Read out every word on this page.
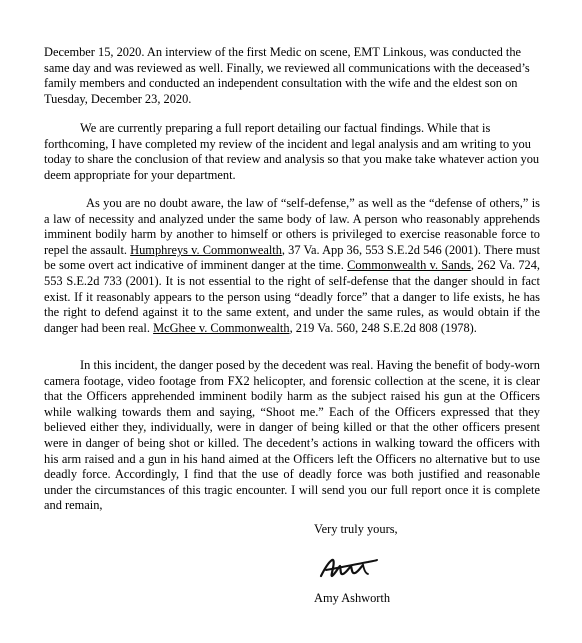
December 15, 2020. An interview of the first Medic on scene, EMT Linkous, was conducted the same day and was reviewed as well. Finally, we reviewed all communications with the deceased’s family members and conducted an independent consultation with the wife and the eldest son on Tuesday, December 23, 2020.

We are currently preparing a full report detailing our factual findings. While that is forthcoming, I have completed my review of the incident and legal analysis and am writing to you today to share the conclusion of that review and analysis so that you make take whatever action you deem appropriate for your department.

As you are no doubt aware, the law of “self-defense,” as well as the “defense of others,” is a law of necessity and analyzed under the same body of law. A person who reasonably apprehends imminent bodily harm by another to himself or others is privileged to exercise reasonable force to repel the assault. Humphreys v. Commonwealth, 37 Va. App 36, 553 S.E.2d 546 (2001). There must be some overt act indicative of imminent danger at the time. Commonwealth v. Sands, 262 Va. 724, 553 S.E.2d 733 (2001). It is not essential to the right of self-defense that the danger should in fact exist. If it reasonably appears to the person using “deadly force” that a danger to life exists, he has the right to defend against it to the same extent, and under the same rules, as would obtain if the danger had been real. McGhee v. Commonwealth, 219 Va. 560, 248 S.E.2d 808 (1978).

In this incident, the danger posed by the decedent was real. Having the benefit of body-worn camera footage, video footage from FX2 helicopter, and forensic collection at the scene, it is clear that the Officers apprehended imminent bodily harm as the subject raised his gun at the Officers while walking towards them and saying, “Shoot me.” Each of the Officers expressed that they believed either they, individually, were in danger of being killed or that the other officers present were in danger of being shot or killed. The decedent’s actions in walking toward the officers with his arm raised and a gun in his hand aimed at the Officers left the Officers no alternative but to use deadly force. Accordingly, I find that the use of deadly force was both justified and reasonable under the circumstances of this tragic encounter. I will send you our full report once it is complete and remain,

Very truly yours,

Amy Ashworth
